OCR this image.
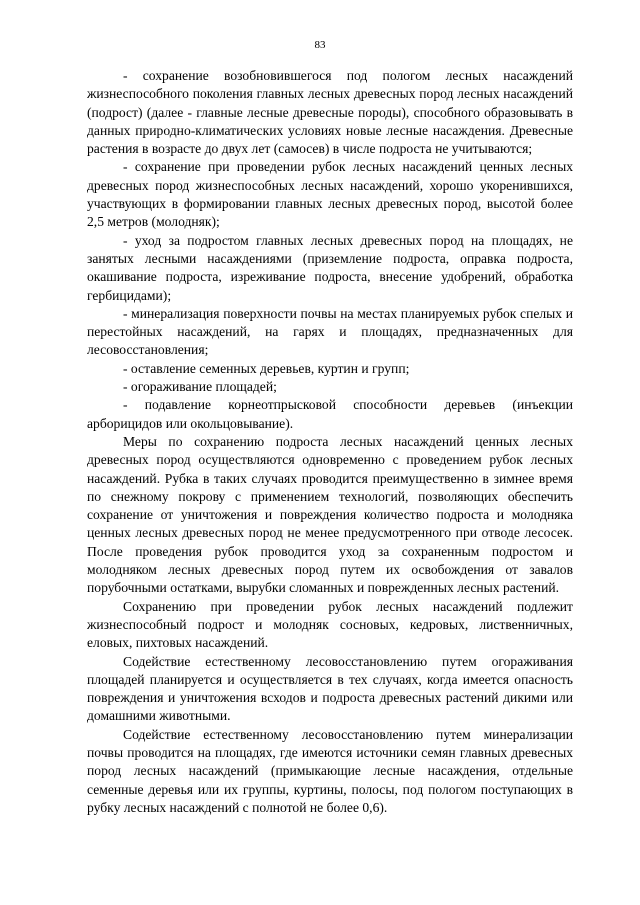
83

- сохранение возобновившегося под пологом лесных насаждений жизнеспособного поколения главных лесных древесных пород лесных насаждений (подрост) (далее - главные лесные древесные породы), способного образовывать в данных природно-климатических условиях новые лесные насаждения. Древесные растения в возрасте до двух лет (самосев) в числе подроста не учитываются;

- сохранение при проведении рубок лесных насаждений ценных лесных древесных пород жизнеспособных лесных насаждений, хорошо укоренившихся, участвующих в формировании главных лесных древесных пород, высотой более 2,5 метров (молодняк);

- уход за подростом главных лесных древесных пород на площадях, не занятых лесными насаждениями (приземление подроста, оправка подроста, окашивание подроста, изреживание подроста, внесение удобрений, обработка гербицидами);

- минерализация поверхности почвы на местах планируемых рубок спелых и перестойных насаждений, на гарях и площадях, предназначенных для лесовосстановления;

- оставление семенных деревьев, куртин и групп;

- огораживание площадей;

- подавление корнеотпрысковой способности деревьев (инъекции арборицидов или окольцовывание).

Меры по сохранению подроста лесных насаждений ценных лесных древесных пород осуществляются одновременно с проведением рубок лесных насаждений. Рубка в таких случаях проводится преимущественно в зимнее время по снежному покрову с применением технологий, позволяющих обеспечить сохранение от уничтожения и повреждения количество подроста и молодняка ценных лесных древесных пород не менее предусмотренного при отводе лесосек. После проведения рубок проводится уход за сохраненным подростом и молодняком лесных древесных пород путем их освобождения от завалов порубочными остатками, вырубки сломанных и поврежденных лесных растений.

Сохранению при проведении рубок лесных насаждений подлежит жизнеспособный подрост и молодняк сосновых, кедровых, лиственничных, еловых, пихтовых насаждений.

Содействие естественному лесовосстановлению путем огораживания площадей планируется и осуществляется в тех случаях, когда имеется опасность повреждения и уничтожения всходов и подроста древесных растений дикими или домашними животными.

Содействие естественному лесовосстановлению путем минерализации почвы проводится на площадях, где имеются источники семян главных древесных пород лесных насаждений (примыкающие лесные насаждения, отдельные семенные деревья или их группы, куртины, полосы, под пологом поступающих в рубку лесных насаждений с полнотой не более 0,6).
